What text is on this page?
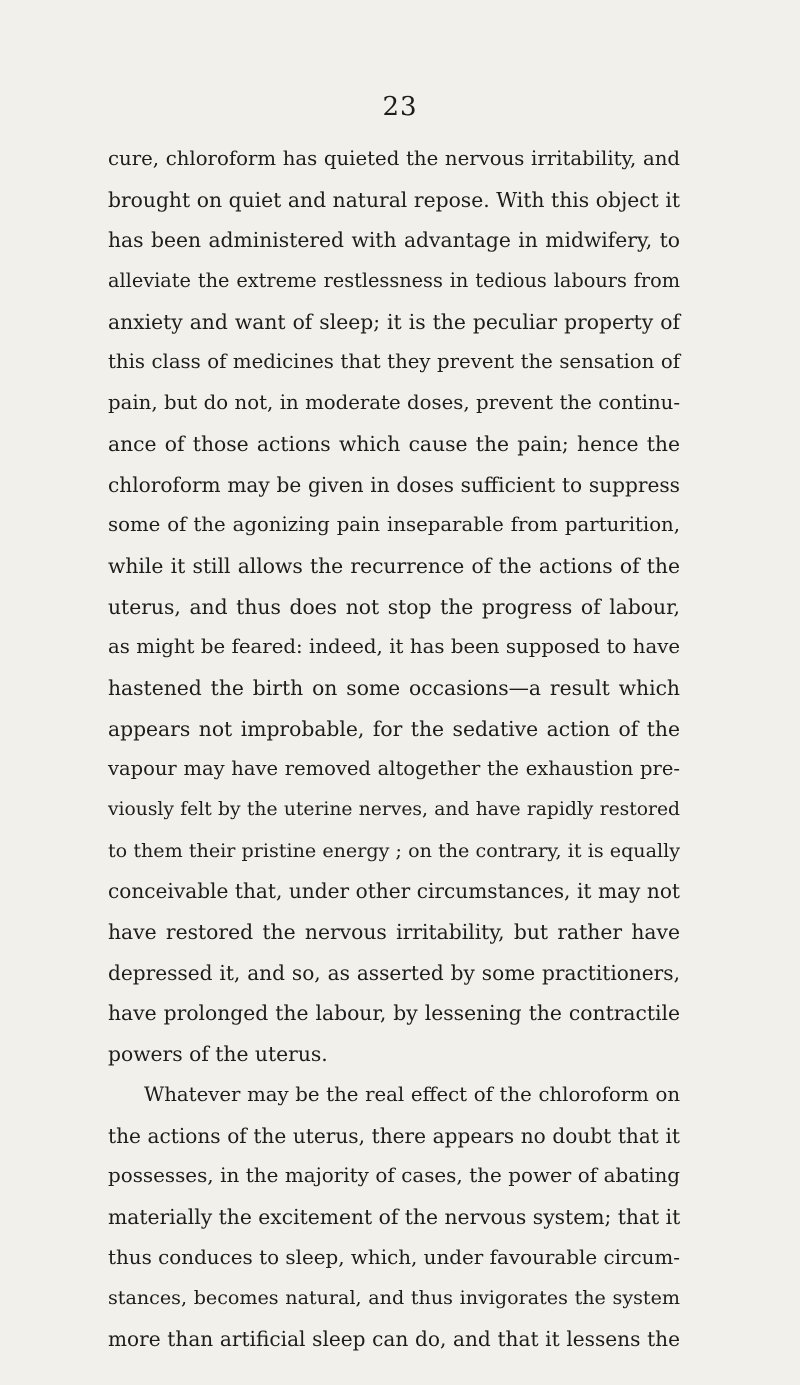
23
cure, chloroform has quieted the nervous irritability, and
brought on quiet and natural repose. With this object it
has been administered with advantage in midwifery, to
alleviate the extreme restlessness in tedious labours from
anxiety and want of sleep; it is the peculiar property of
this class of medicines that they prevent the sensation of
pain, but do not, in moderate doses, prevent the continu-
ance of those actions which cause the pain; hence the
chloroform may be given in doses sufficient to suppress
some of the agonizing pain inseparable from parturition,
while it still allows the recurrence of the actions of the
uterus, and thus does not stop the progress of labour,
as might be feared: indeed, it has been supposed to have
hastened the birth on some occasions—a result which
appears not improbable, for the sedative action of the
vapour may have removed altogether the exhaustion pre-
viously felt by the uterine nerves, and have rapidly restored
to them their pristine energy ; on the contrary, it is equally
conceivable that, under other circumstances, it may not
have restored the nervous irritability, but rather have
depressed it, and so, as asserted by some practitioners,
have prolonged the labour, by lessening the contractile
powers of the uterus.
Whatever may be the real effect of the chloroform on
the actions of the uterus, there appears no doubt that it
possesses, in the majority of cases, the power of abating
materially the excitement of the nervous system; that it
thus conduces to sleep, which, under favourable circum-
stances, becomes natural, and thus invigorates the system
more than artificial sleep can do, and that it lessens the
